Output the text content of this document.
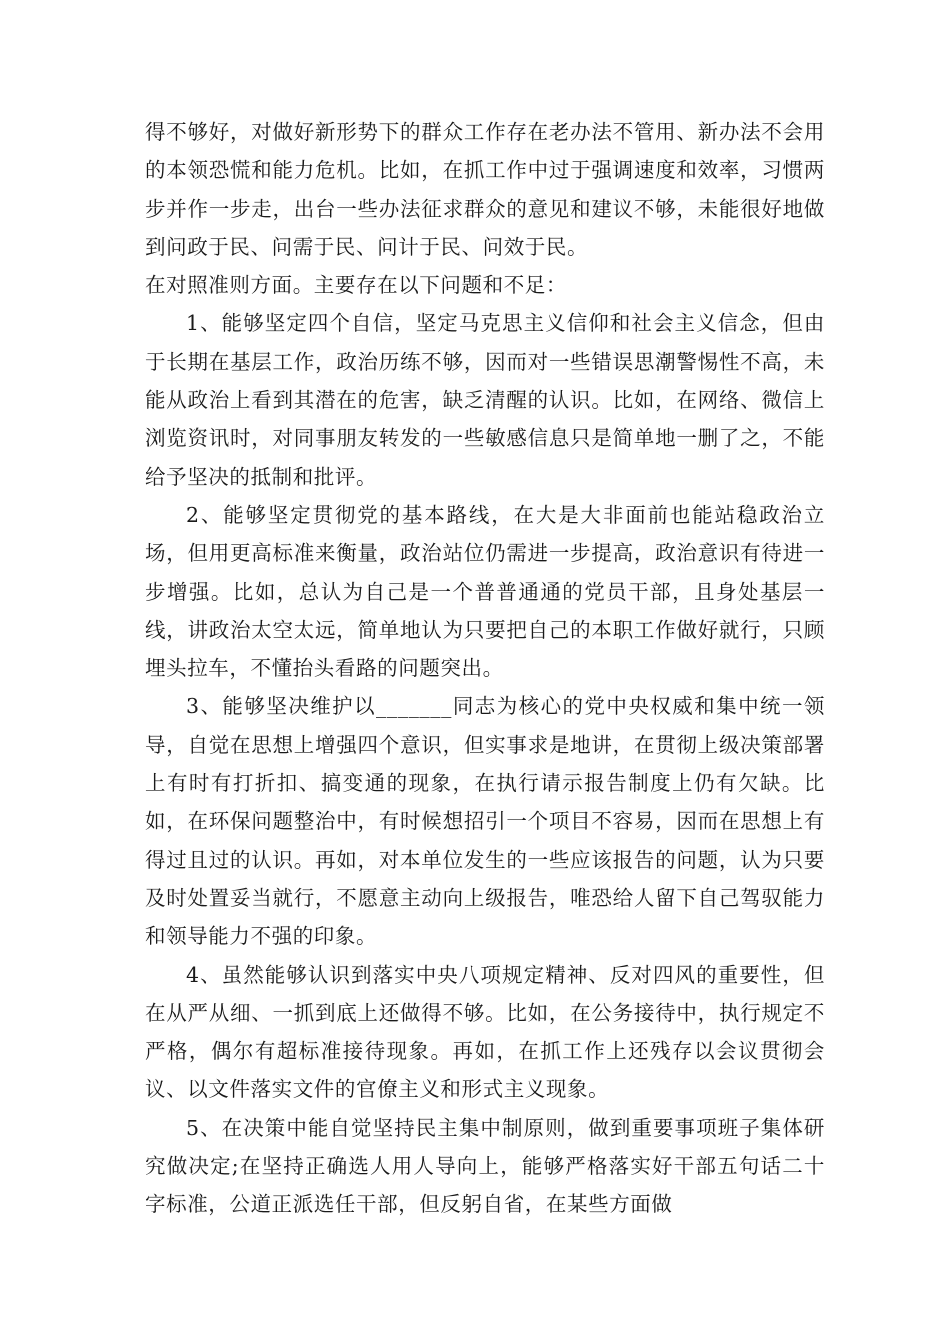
得不够好，对做好新形势下的群众工作存在老办法不管用、新办法不会用的本领恐慌和能力危机。比如，在抓工作中过于强调速度和效率，习惯两步并作一步走，出台一些办法征求群众的意见和建议不够，未能很好地做到问政于民、问需于民、问计于民、问效于民。

在对照准则方面。主要存在以下问题和不足：

1、能够坚定四个自信，坚定马克思主义信仰和社会主义信念，但由于长期在基层工作，政治历练不够，因而对一些错误思潮警惕性不高，未能从政治上看到其潜在的危害，缺乏清醒的认识。比如，在网络、微信上浏览资讯时，对同事朋友转发的一些敏感信息只是简单地一删了之，不能给予坚决的抵制和批评。

2、能够坚定贯彻党的基本路线，在大是大非面前也能站稳政治立场，但用更高标准来衡量，政治站位仍需进一步提高，政治意识有待进一步增强。比如，总认为自己是一个普普通通的党员干部，且身处基层一线，讲政治太空太远，简单地认为只要把自己的本职工作做好就行，只顾埋头拉车，不懂抬头看路的问题突出。

3、能够坚决维护以_______同志为核心的党中央权威和集中统一领导，自觉在思想上增强四个意识，但实事求是地讲，在贯彻上级决策部署上有时有打折扣、搞变通的现象，在执行请示报告制度上仍有欠缺。比如，在环保问题整治中，有时候想招引一个项目不容易，因而在思想上有得过且过的认识。再如，对本单位发生的一些应该报告的问题，认为只要及时处置妥当就行，不愿意主动向上级报告，唯恐给人留下自己驾驭能力和领导能力不强的印象。

4、虽然能够认识到落实中央八项规定精神、反对四风的重要性，但在从严从细、一抓到底上还做得不够。比如，在公务接待中，执行规定不严格，偶尔有超标准接待现象。再如，在抓工作上还残存以会议贯彻会议、以文件落实文件的官僚主义和形式主义现象。

5、在决策中能自觉坚持民主集中制原则，做到重要事项班子集体研究做决定;在坚持正确选人用人导向上，能够严格落实好干部五句话二十字标准，公道正派选任干部，但反躬自省，在某些方面做
